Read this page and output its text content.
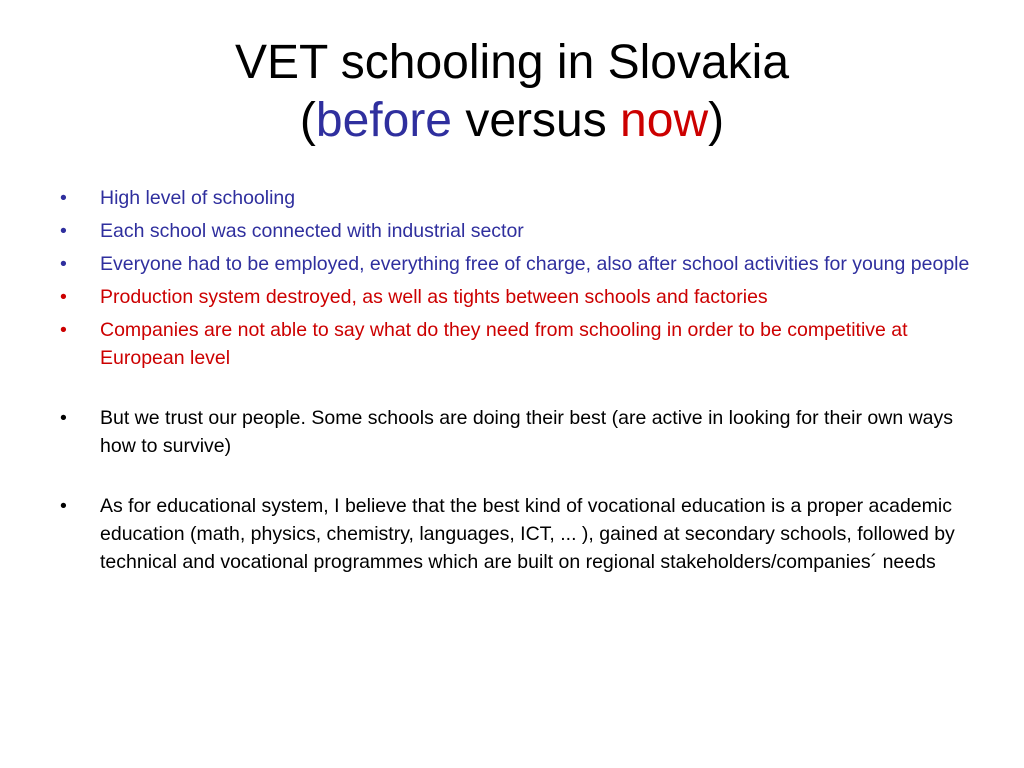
VET schooling in Slovakia
(before versus now)
• High level of schooling
• Each school was connected with industrial sector
• Everyone had to be employed, everything free of charge, also after school activities for young people
• Production system destroyed, as well as tights between schools and factories
• Companies are not able to say what do they need from schooling in order to be competitive at European level
• But we trust our people. Some schools are doing their best (are active in looking for their own ways how to survive)
• As for educational system, I believe that the best kind of vocational education is a proper academic education (math, physics, chemistry, languages, ICT, ... ), gained at secondary schools, followed by technical and vocational programmes which are built on regional stakeholders/companies´ needs
